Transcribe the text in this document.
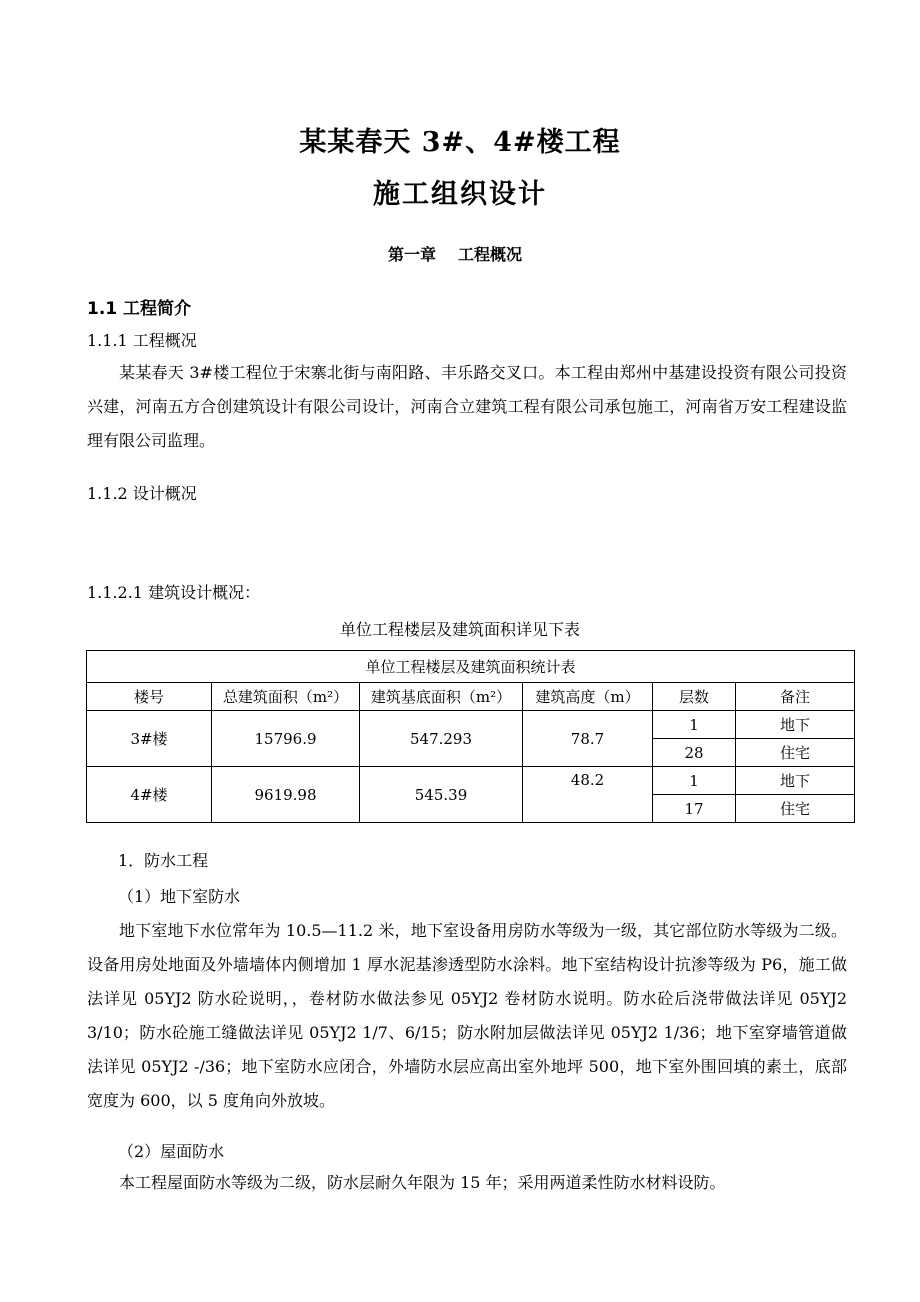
某某春天 3#、4#楼工程
施工组织设计
第一章 工程概况
1.1 工程简介
1.1.1 工程概况
某某春天 3#楼工程位于宋寨北街与南阳路、丰乐路交叉口。本工程由郑州中基建设投资有限公司投资兴建，河南五方合创建筑设计有限公司设计，河南合立建筑工程有限公司承包施工，河南省万安工程建设监理有限公司监理。
1.1.2 设计概况
1.1.2.1 建筑设计概况：
单位工程楼层及建筑面积详见下表
单位工程楼层及建筑面积统计表					
楼号	总建筑面积（m²）	建筑基底面积（m²）	建筑高度（m）	层数	备注
3#楼	15796.9	547.293	78.7	1	地下
				28	住宅
4#楼	9619.98	545.39	48.2	1	地下
				17	住宅
1．防水工程
（1）地下室防水
地下室地下水位常年为 10.5—11.2 米，地下室设备用房防水等级为一级，其它部位防水等级为二级。设备用房处地面及外墙墙体内侧增加 1 厚水泥基渗透型防水涂料。地下室结构设计抗渗等级为 P6，施工做法详见 05YJ2 防水砼说明，，卷材防水做法参见 05YJ2 卷材防水说明。防水砼后浇带做法详见 05YJ2 3/10；防水砼施工缝做法详见 05YJ2 1/7、6/15；防水附加层做法详见 05YJ2 1/36；地下室穿墙管道做法详见 05YJ2 -/36；地下室防水应闭合，外墙防水层应高出室外地坪 500，地下室外围回填的素土，底部宽度为 600，以 5 度角向外放坡。
（2）屋面防水
本工程屋面防水等级为二级，防水层耐久年限为 15 年；采用两道柔性防水材料设防。
